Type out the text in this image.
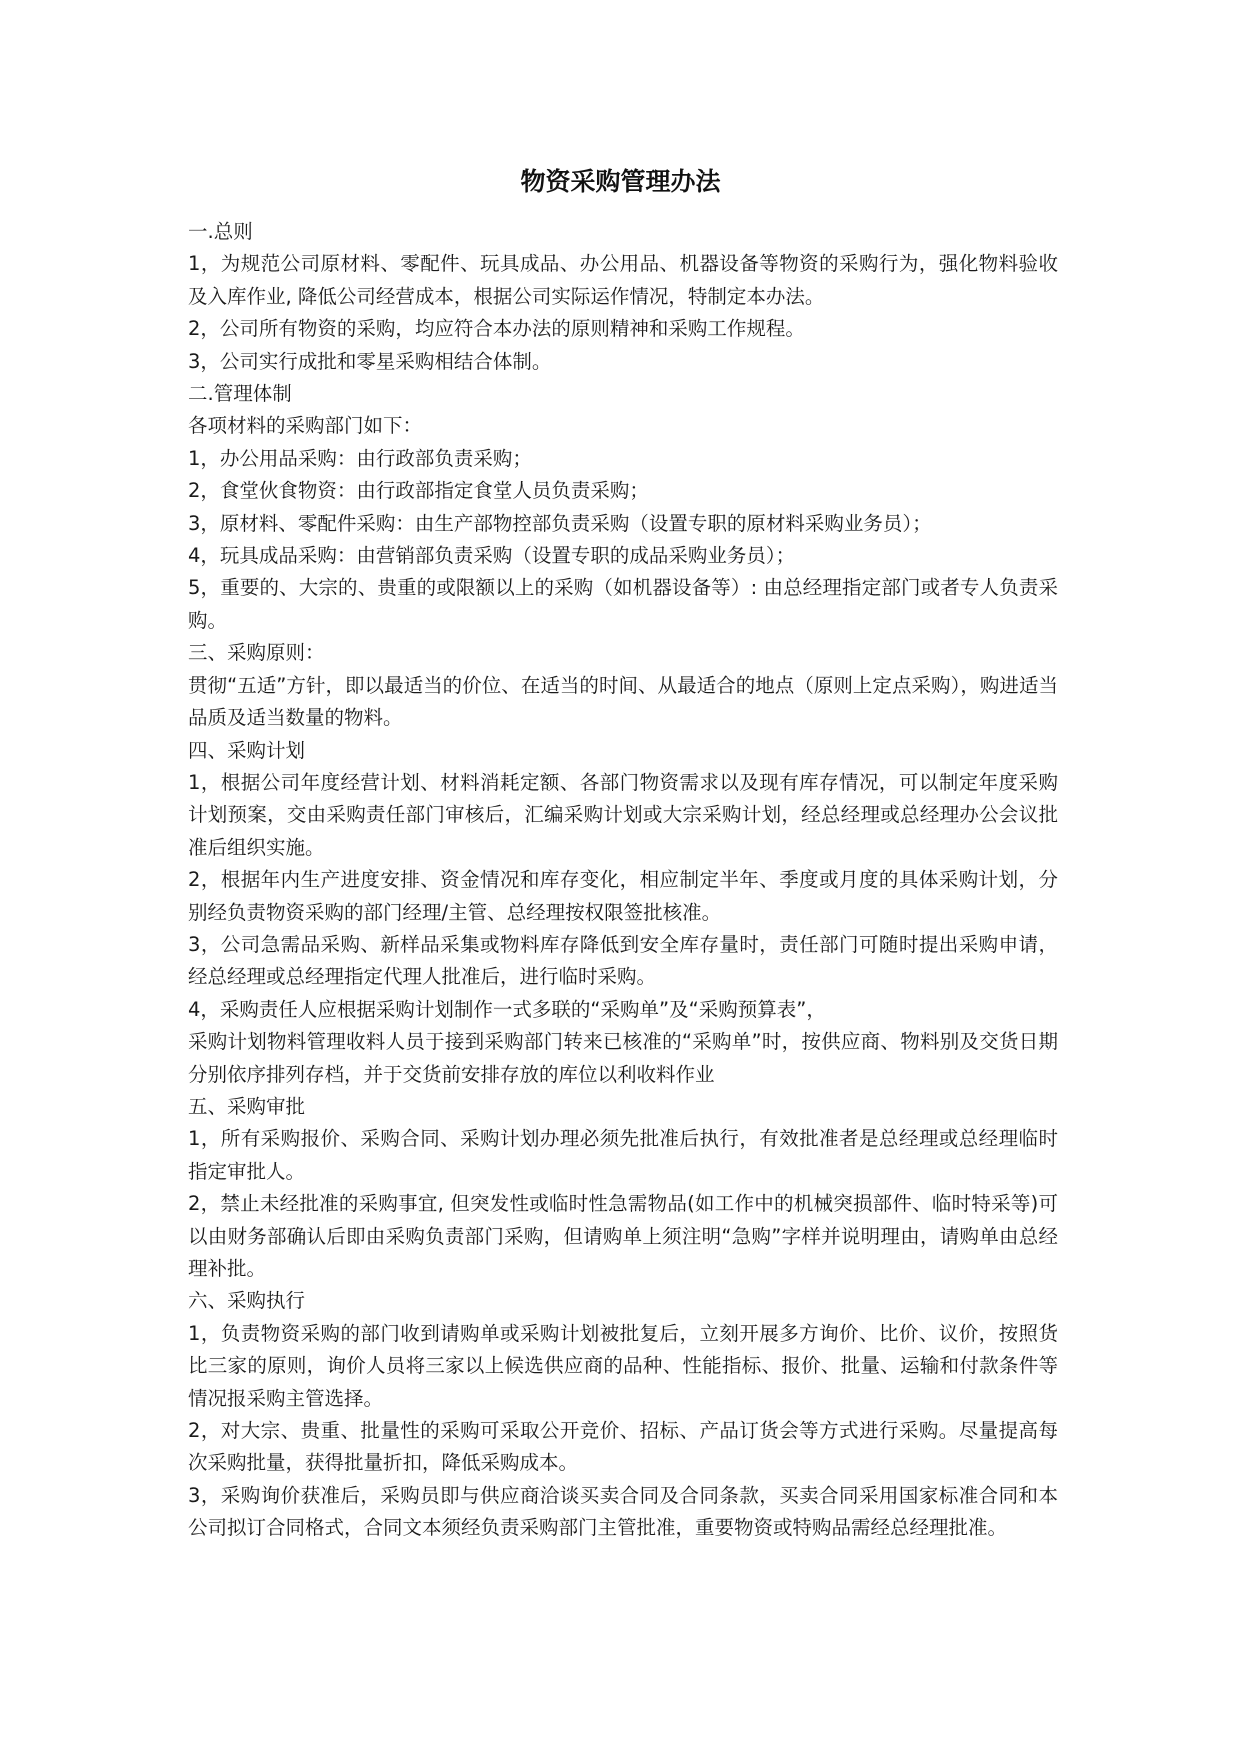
物资采购管理办法

一.总则

1，为规范公司原材料、零配件、玩具成品、办公用品、机器设备等物资的采购行为，强化物料验收及入库作业, 降低公司经营成本，根据公司实际运作情况，特制定本办法。

2，公司所有物资的采购，均应符合本办法的原则精神和采购工作规程。

3，公司实行成批和零星采购相结合体制。

二.管理体制

各项材料的采购部门如下：

1，办公用品采购：由行政部负责采购；

2，食堂伙食物资：由行政部指定食堂人员负责采购；

3，原材料、零配件采购：由生产部物控部负责采购（设置专职的原材料采购业务员）；

4，玩具成品采购：由营销部负责采购（设置专职的成品采购业务员）；

5，重要的、大宗的、贵重的或限额以上的采购（如机器设备等）: 由总经理指定部门或者专人负责采购。

三、采购原则：

贯彻“五适”方针，即以最适当的价位、在适当的时间、从最适合的地点（原则上定点采购），购进适当品质及适当数量的物料。

四、采购计划

1，根据公司年度经营计划、材料消耗定额、各部门物资需求以及现有库存情况，可以制定年度采购计划预案，交由采购责任部门审核后，汇编采购计划或大宗采购计划，经总经理或总经理办公会议批准后组织实施。

2，根据年内生产进度安排、资金情况和库存变化，相应制定半年、季度或月度的具体采购计划，分别经负责物资采购的部门经理/主管、总经理按权限签批核准。

3，公司急需品采购、新样品采集或物料库存降低到安全库存量时，责任部门可随时提出采购申请，经总经理或总经理指定代理人批准后，进行临时采购。

4，采购责任人应根据采购计划制作一式多联的“采购单”及“采购预算表”，

采购计划物料管理收料人员于接到采购部门转来已核准的“采购单”时，按供应商、物料别及交货日期分别依序排列存档，并于交货前安排存放的库位以利收料作业

五、采购审批

1，所有采购报价、采购合同、采购计划办理必须先批准后执行，有效批准者是总经理或总经理临时指定审批人。

2，禁止未经批准的采购事宜, 但突发性或临时性急需物品(如工作中的机械突损部件、临时特采等)可以由财务部确认后即由采购负责部门采购，但请购单上须注明“急购”字样并说明理由，请购单由总经理补批。

六、采购执行

1，负责物资采购的部门收到请购单或采购计划被批复后，立刻开展多方询价、比价、议价，按照货比三家的原则，询价人员将三家以上候选供应商的品种、性能指标、报价、批量、运输和付款条件等情况报采购主管选择。

2，对大宗、贵重、批量性的采购可采取公开竞价、招标、产品订货会等方式进行采购。尽量提高每次采购批量，获得批量折扣，降低采购成本。

3，采购询价获准后，采购员即与供应商洽谈买卖合同及合同条款，买卖合同采用国家标准合同和本公司拟订合同格式，合同文本须经负责采购部门主管批准，重要物资或特购品需经总经理批准。
